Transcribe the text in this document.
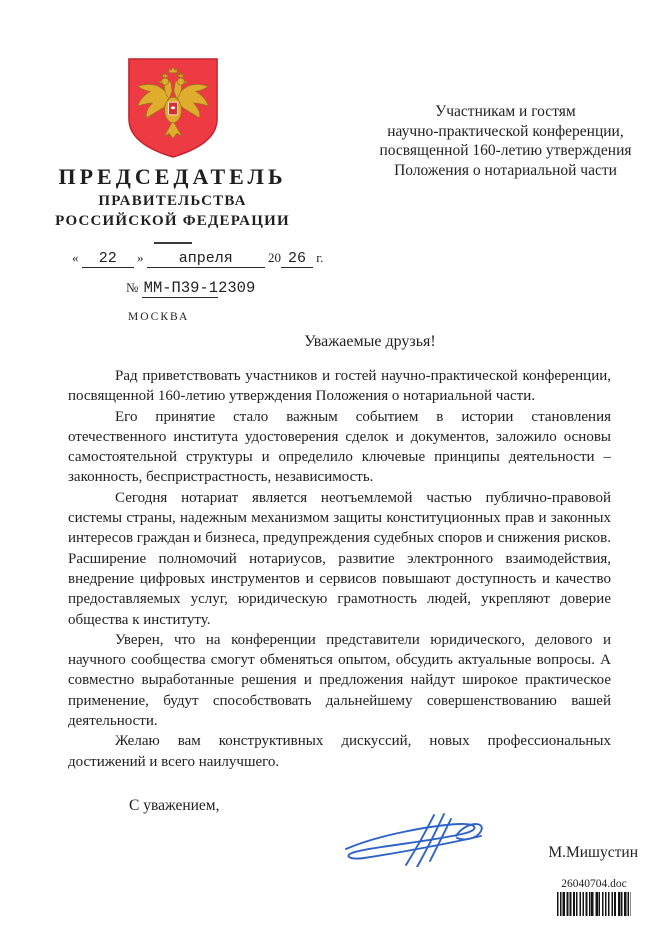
ПРЕДСЕДАТЕЛЬ
ПРАВИТЕЛЬСТВА
РОССИЙСКОЙ ФЕДЕРАЦИИ
Участникам и гостям
научно-практической конференции,
посвященной 160-летию утверждения
Положения о нотариальной части
« 22 » апреля	20 26 г.
№ ММ-П39-12309
МОСКВА
Уважаемые друзья!

Рад приветствовать участников и гостей научно-практической конференции, посвященной 160-летию утверждения Положения о нотариальной части.

Его принятие стало важным событием в истории становления отечественного института удостоверения сделок и документов, заложило основы самостоятельной структуры и определило ключевые принципы деятельности – законность, беспристрастность, независимость.

Сегодня нотариат является неотъемлемой частью публично-правовой системы страны, надежным механизмом защиты конституционных прав и законных интересов граждан и бизнеса, предупреждения судебных споров и снижения рисков. Расширение полномочий нотариусов, развитие электронного взаимодействия, внедрение цифровых инструментов и сервисов повышают доступность и качество предоставляемых услуг, юридическую грамотность людей, укрепляют доверие общества к институту.

Уверен, что на конференции представители юридического, делового и научного сообщества смогут обменяться опытом, обсудить актуальные вопросы. А совместно выработанные решения и предложения найдут широкое практическое применение, будут способствовать дальнейшему совершенствованию вашей деятельности.

Желаю вам конструктивных дискуссий, новых профессиональных достижений и всего наилучшего.

С уважением,
М.Мишустин
26040704.doc
